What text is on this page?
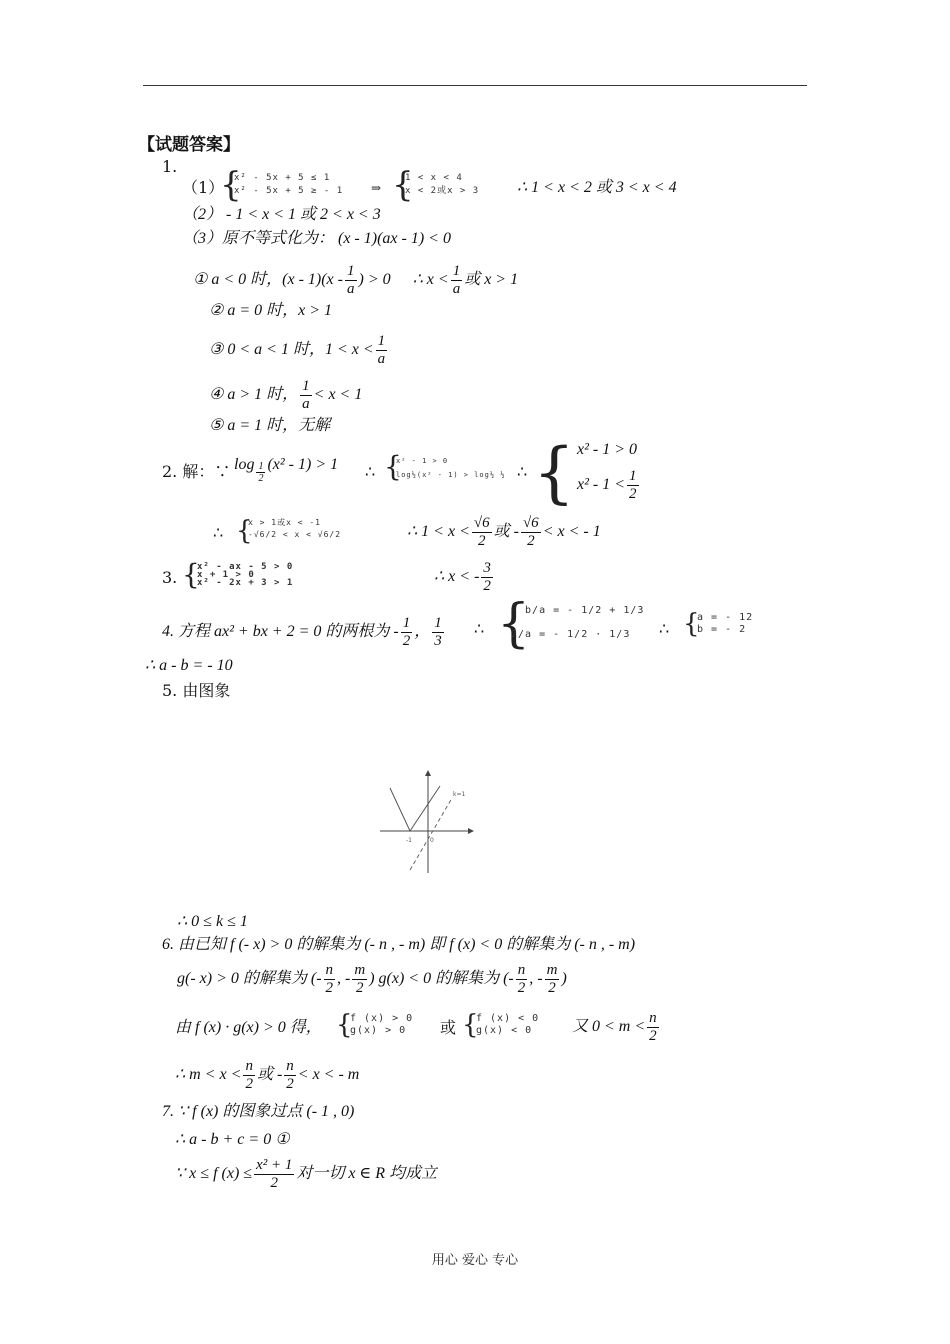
【试题答案】
1.
（1）
{
x² - 5x + 5 ≤ 1
x² - 5x + 5 ≥ - 1 ⇒ {
1 < x < 4
x < 2或x > 3 ∴ 1 < x < 2 或 3 < x < 4
（2） - 1 < x < 1 或 2 < x < 3
（3）原不等式化为： (x - 1)(ax - 1) < 0
① a < 0 时，$(x - 1)(x - \frac{1}{a}$ ) > 0 ∴ $x < \frac{1}{a}$ 或 x > 1
② a = 0 时，x > 1
③ 0 < a < 1 时，$1 < x < \frac{1}{a}$
④ a > 1 时， $\frac{1}{a} < x < 1$
⑤ a = 1 时，无解
2. 解：∵ $\log \frac{1}{2} (x^2 - 1) > 1$ ∴ {
x² - 1 > 0
log½(x² - 1) > log½ ½ ∴ { x² - 1 > 0
$x^2 - 1 < \frac{1}{2}$
∴ {
x > 1或x < -1
-√6/2 < x < √6/2	∴ $1 < x < \frac{√6}{2}$ 或 - $\frac{√6}{2} < x$ < - 1
3. {
x² - ax - 5 > 0
x + 1 > 0
x² - 2x + 3 > 1	∴ x < - $\frac{3}{2}$
4. 方程 ax² + bx + 2 = 0 的两根为 - $\frac{1}{2}$ ， $\frac{1}{3}$ ∴ {
- b/a = - 1/2 + 1/3
2/a = - 1/2 · 1/3 ∴ {
a = - 12
b = - 2
∴ a - b = - 10
5. 由图象
k=1
-1	0
∴ 0 ≤ k ≤ 1
6. 由已知 f (- x) > 0 的解集为 (- n , - m) 即 f (x) < 0 的解集为 (- n , - m)
g(- x) > 0 的解集为 (- $\frac{n}{2}$ , - $\frac{m}{2}$ ) g(x) < 0 的解集为 (- $\frac{n}{2}$ , - $\frac{m}{2}$ )
由 f (x) · g(x) > 0 得， {
f (x) > 0
g(x) > 0 或 {
f (x) < 0
g(x) < 0 又 $0 < m < \frac{n}{2}$
∴ $m < x < \frac{n}{2}$ 或 - $\frac{n}{2} < x$ < - m
7. ∵ f (x) 的图象过点 (- 1 , 0)
∴ a - b + c = 0 ①
∵ x ≤ f $(x) \le \frac{\text{x² + 1}}{2}$ 对一切 x ∈ R 均成立
用心 爱心 专心
